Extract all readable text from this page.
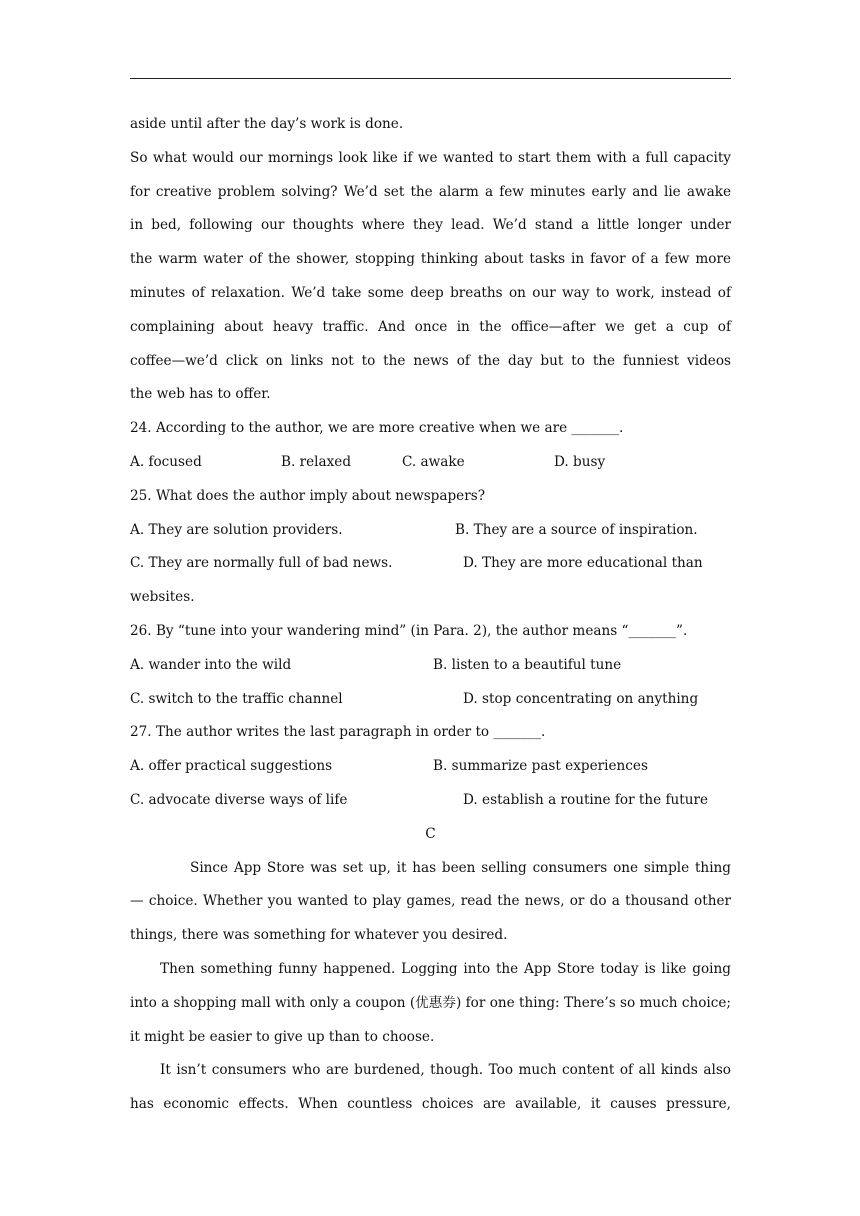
aside until after the day’s work is done.
So what would our mornings look like if we wanted to start them with a full capacity
for creative problem solving? We’d set the alarm a few minutes early and lie awake
in bed, following our thoughts where they lead. We’d stand a little longer under
the warm water of the shower, stopping thinking about tasks in favor of a few more
minutes of relaxation. We’d take some deep breaths on our way to work, instead of
complaining about heavy traffic. And once in the office—after we get a cup of
coffee—we’d click on links not to the news of the day but to the funniest videos
the web has to offer.
24. According to the author, we are more creative when we are _______.

A. focused

	B. relaxed

	C. awake

	D. busy

25. What does the author imply about newspapers?

A. They are solution providers.

	B. They are a source of inspiration.

C. They are normally full of bad news.

	D. They are more educational than

websites.
26. By “tune into your wandering mind” (in Para. 2), the author means “_______”.

A. wander into the wild

	B. listen to a beautiful tune

C. switch to the traffic channel

	D. stop concentrating on anything

27. The author writes the last paragraph in order to _______.

A. offer practical suggestions

	B. summarize past experiences

C. advocate diverse ways of life

	D. establish a routine for the future

C
Since App Store was set up, it has been selling consumers one simple thing
— choice. Whether you wanted to play games, read the news, or do a thousand other
things, there was something for whatever you desired.
Then something funny happened. Logging into the App Store today is like going
into a shopping mall with only a coupon (优惠券) for one thing: There’s so much choice;
it might be easier to give up than to choose.
It isn’t consumers who are burdened, though. Too much content of all kinds also
has economic effects. When countless choices are available, it causes pressure,
